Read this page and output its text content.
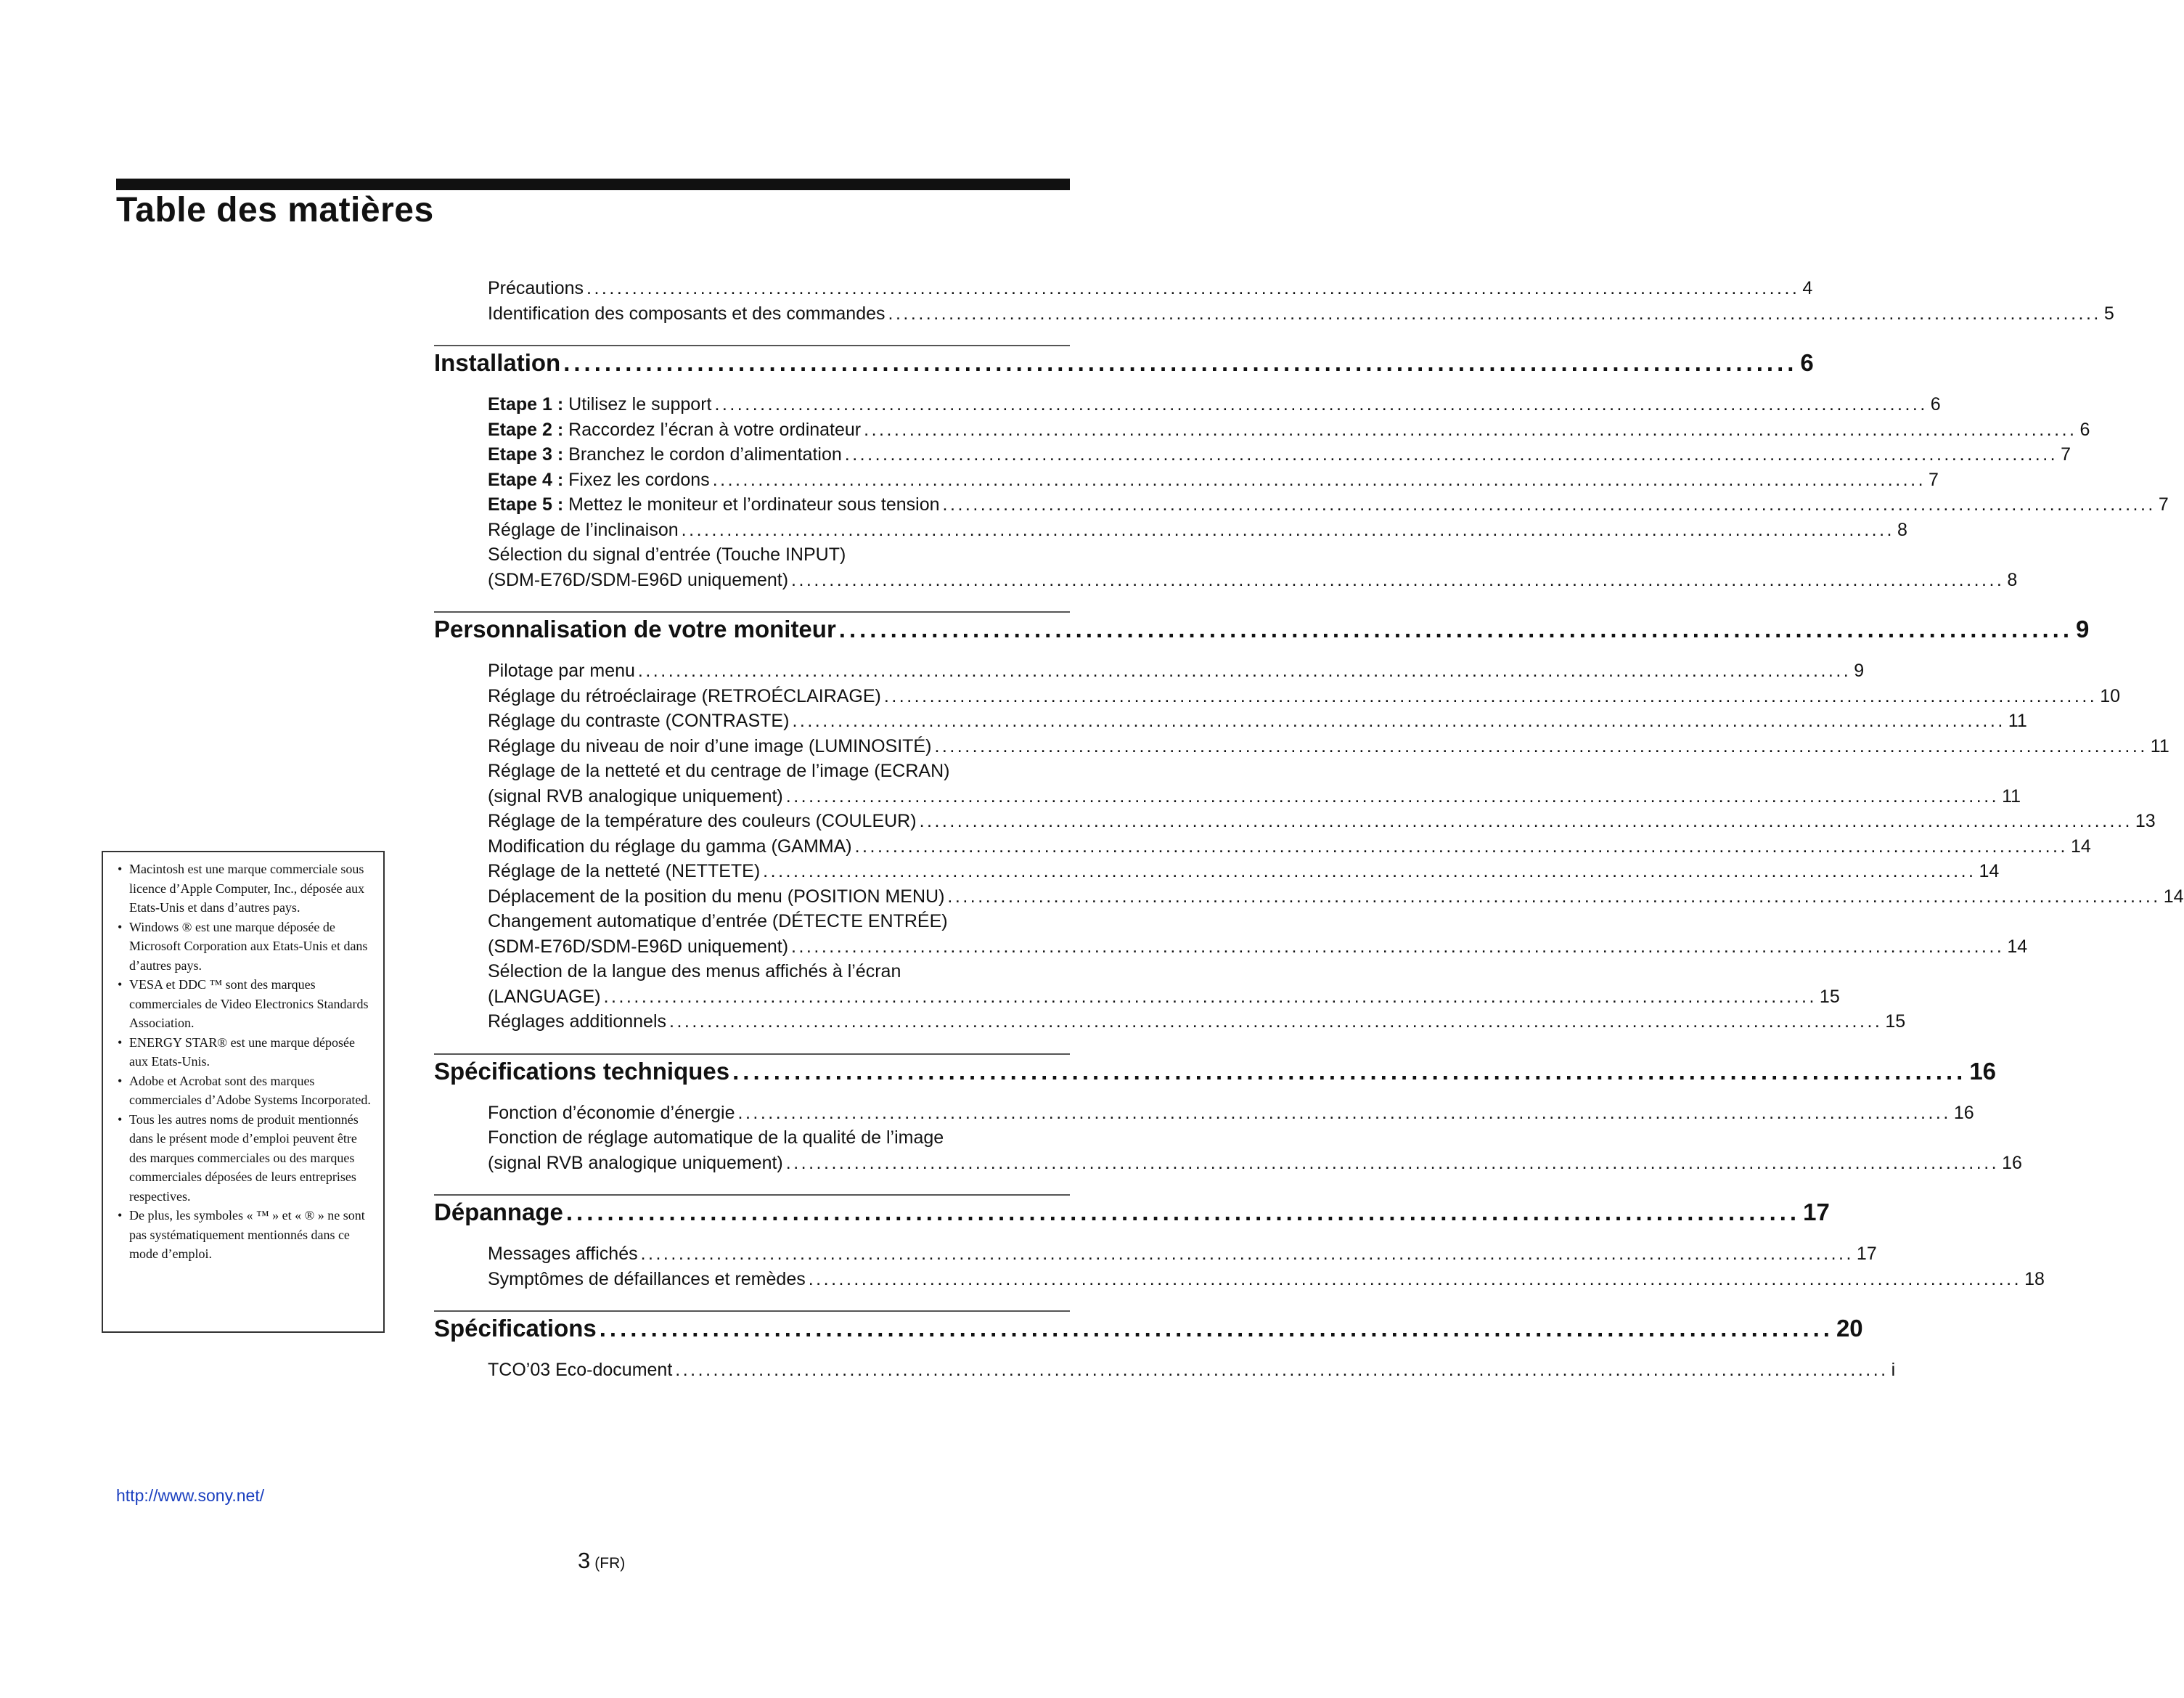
Table des matières
Précautions ................................................................................................................................................................ 4
Identification des composants et des commandes ................................................................................................................................................................ 5
Installation ........................................................................................................................ 6
Etape 1 : Utilisez le support ................................................................................................................................................................ 6
Etape 2 : Raccordez l’écran à votre ordinateur ................................................................................................................................................................ 6
Etape 3 : Branchez le cordon d’alimentation ................................................................................................................................................................ 7
Etape 4 : Fixez les cordons ................................................................................................................................................................ 7
Etape 5 : Mettez le moniteur et l’ordinateur sous tension ................................................................................................................................................................ 7
Réglage de l’inclinaison ................................................................................................................................................................ 8
Sélection du signal d’entrée (Touche INPUT)
(SDM-E76D/SDM-E96D uniquement) ................................................................................................................................................................ 8
Personnalisation de votre moniteur ........................................................................................................................ 9
Pilotage par menu ................................................................................................................................................................ 9
Réglage du rétroéclairage (RETROÉCLAIRAGE) ................................................................................................................................................................ 10
Réglage du contraste (CONTRASTE) ................................................................................................................................................................ 11
Réglage du niveau de noir d’une image (LUMINOSITÉ) ................................................................................................................................................................ 11
Réglage de la netteté et du centrage de l’image (ECRAN)
(signal RVB analogique uniquement) ................................................................................................................................................................ 11
Réglage de la température des couleurs (COULEUR) ................................................................................................................................................................ 13
Modification du réglage du gamma (GAMMA) ................................................................................................................................................................ 14
Réglage de la netteté (NETTETE) ................................................................................................................................................................ 14
Déplacement de la position du menu (POSITION MENU) ................................................................................................................................................................ 14
Changement automatique d’entrée (DÉTECTE ENTRÉE)
(SDM-E76D/SDM-E96D uniquement) ................................................................................................................................................................ 14
Sélection de la langue des menus affichés à l’écran
(LANGUAGE) ................................................................................................................................................................ 15
Réglages additionnels ................................................................................................................................................................ 15
Spécifications techniques ........................................................................................................................ 16
Fonction d’économie d’énergie ................................................................................................................................................................ 16
Fonction de réglage automatique de la qualité de l’image
(signal RVB analogique uniquement) ................................................................................................................................................................ 16
Dépannage ........................................................................................................................ 17
Messages affichés ................................................................................................................................................................ 17
Symptômes de défaillances et remèdes ................................................................................................................................................................ 18
Spécifications ........................................................................................................................ 20
TCO’03 Eco-document ................................................................................................................................................................ i
• Macintosh est une marque commerciale sous licence d’Apple Computer, Inc., déposée aux Etats-Unis et dans d’autres pays.
• Windows ® est une marque déposée de Microsoft Corporation aux Etats-Unis et dans d’autres pays.
• VESA et DDC ™ sont des marques commerciales de Video Electronics Standards Association.
• ENERGY STAR® est une marque déposée aux Etats-Unis.
• Adobe et Acrobat sont des marques commerciales d’Adobe Systems Incorporated.
• Tous les autres noms de produit mentionnés dans le présent mode d’emploi peuvent être des marques commerciales ou des marques commerciales déposées de leurs entreprises respectives.
• De plus, les symboles « ™ » et « ® » ne sont pas systématiquement mentionnés dans ce mode d’emploi.
http://www.sony.net/
3 (FR)
